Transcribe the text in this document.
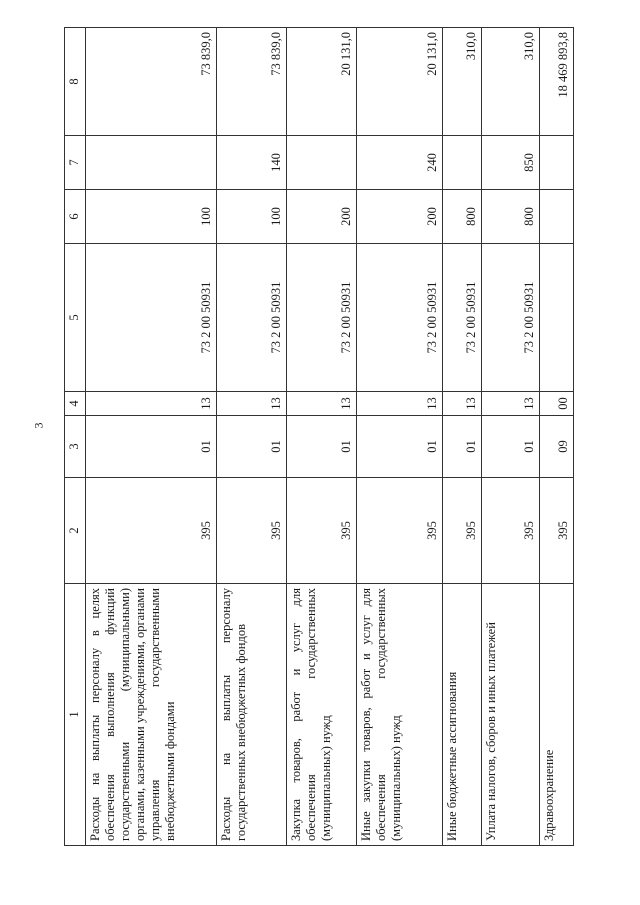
3
1	2	3	4	5	6	7	8
Расходы на выплаты персоналу в целях обеспечения выполнения функций государственными (муниципальными) органами, казенными учреждениями, органами управления государственными внебюджетными фондами	395	01	13	73 2 00 50931	100		73 839,0
Расходы на выплаты персоналу государственных внебюджетных фондов	395	01	13	73 2 00 50931	100	140	73 839,0
Закупка товаров, работ и услуг для обеспечения государственных (муниципальных) нужд	395	01	13	73 2 00 50931	200		20 131,0
Иные закупки товаров, работ и услуг для обеспечения государственных (муниципальных) нужд	395	01	13	73 2 00 50931	200	240	20 131,0
Иные бюджетные ассигнования	395	01	13	73 2 00 50931	800		310,0
Уплата налогов, сборов и иных платежей	395	01	13	73 2 00 50931	800	850	310,0
Здравоохранение	395	09	00				18 469 893,8
